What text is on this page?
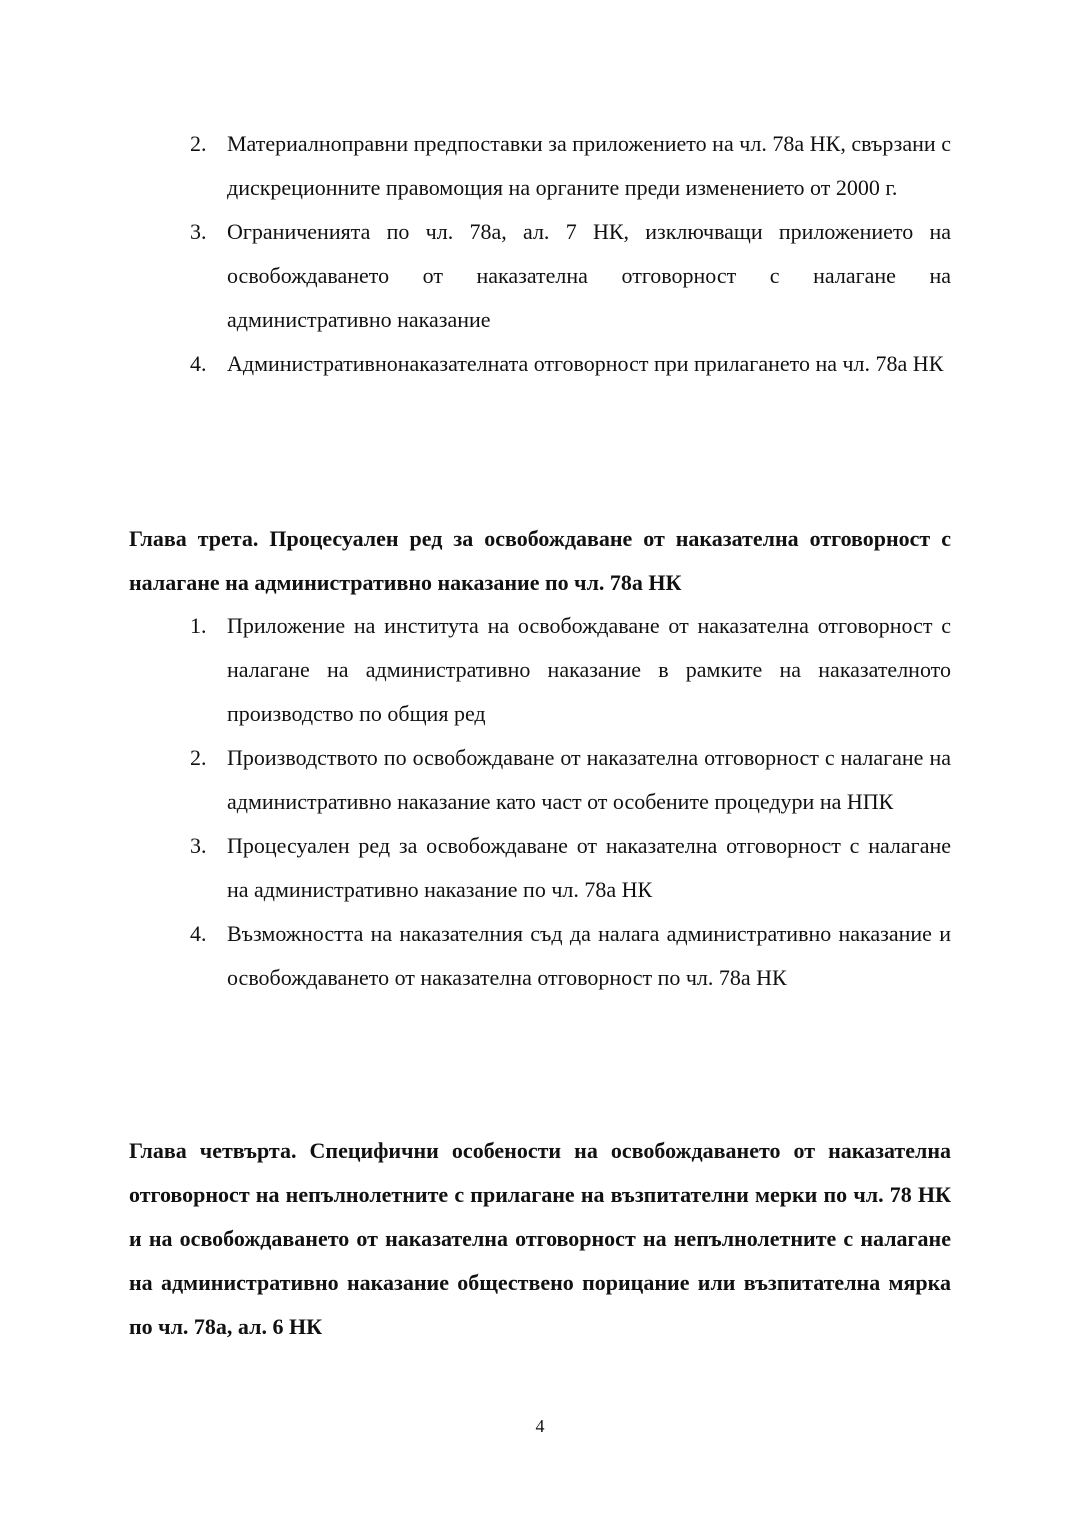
2. Материалноправни предпоставки за приложението на чл. 78а НК, свързани с дискреционните правомощия на органите преди изменението от 2000 г.
3. Ограниченията по чл. 78а, ал. 7 НК, изключващи приложението на освобождаването от наказателна отговорност с налагане на административно наказание
4. Административнонаказателната отговорност при прилагането на чл. 78а НК

Глава трета. Процесуален ред за освобождаване от наказателна отговорност с налагане на административно наказание по чл. 78а НК

1. Приложение на института на освобождаване от наказателна отговорност с налагане на административно наказание в рамките на наказателното производство по общия ред
2. Производството по освобождаване от наказателна отговорност с налагане на административно наказание като част от особените процедури на НПК
3. Процесуален ред за освобождаване от наказателна отговорност с налагане на административно наказание по чл. 78а НК
4. Възможността на наказателния съд да налага административно наказание и освобождаването от наказателна отговорност по чл. 78а НК

Глава четвърта. Специфични особености на освобождаването от наказателна отговорност на непълнолетните с прилагане на възпитателни мерки по чл. 78 НК и на освобождаването от наказателна отговорност на непълнолетните с налагане на административно наказание обществено порицание или възпитателна мярка по чл. 78а, ал. 6 НК

4
